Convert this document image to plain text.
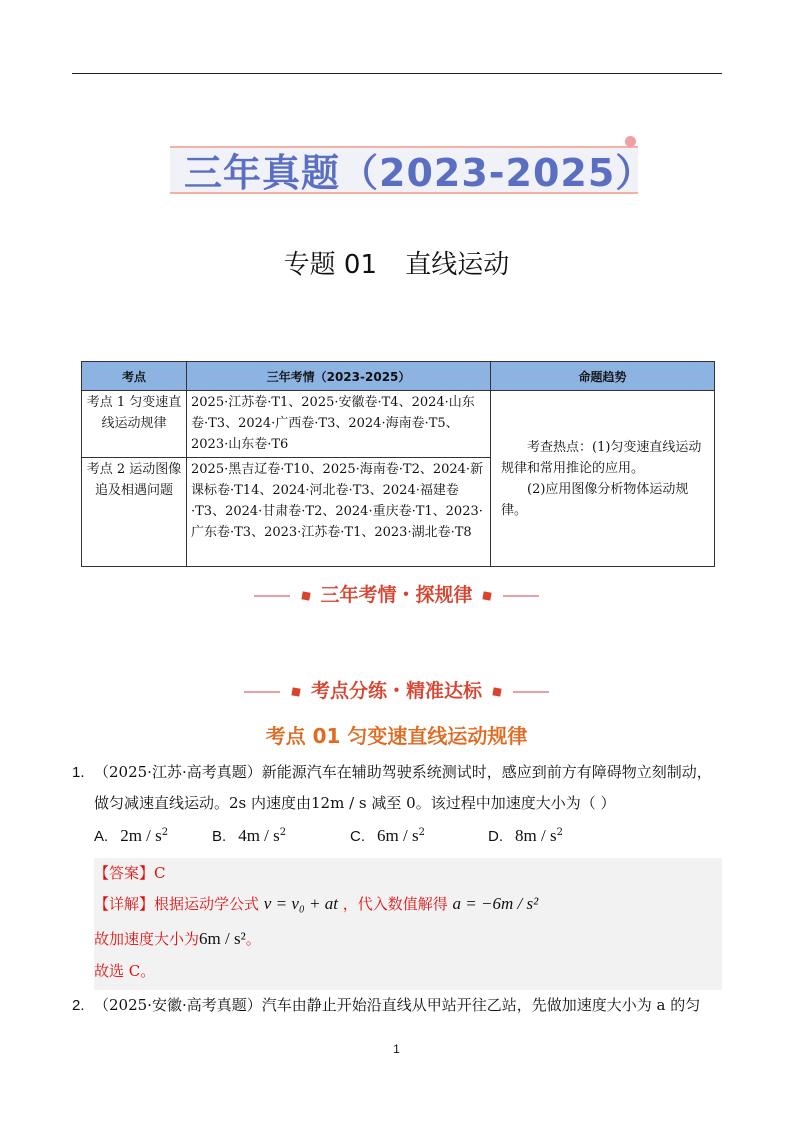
三年真题（2023-2025）
专题 01 直线运动
考点	三年考情（2023-2025）	命题趋势
考点 1 匀变速直线运动规律	2025·江苏卷·T1、2025·安徽卷·T4、2024·山东卷·T3、2024·广西卷·T3、2024·海南卷·T5、2023·山东卷·T6	考查热点：(1)匀变速直线运动规律和常用推论的应用。
(2)应用图像分析物体运动规律。

考点 2 运动图像 追及相遇问题	2025·黑吉辽卷·T10、2025·海南卷·T2、2024·新课标卷·T14、2024·河北卷·T3、2024·福建卷·T3、2024·甘肃卷·T2、2024·重庆卷·T1、2023·广东卷·T3、2023·江苏卷·T1、2023·湖北卷·T8	
三年考情・探规律
考点分练・精准达标
考点 01 匀变速直线运动规律
1. （2025·江苏·高考真题）新能源汽车在辅助驾驶系统测试时，感应到前方有障碍物立刻制动，
做匀减速直线运动。2s 内速度由12m / s 减至 0。该过程中加速度大小为（ ）
A. $2m / s^2$	B. $4m / s^2$	C. $6m / s^2$	D. $8m / s^2$
【答案】C
【详解】根据运动学公式 v = v₀ + at ，代入数值解得 a = −6m / s²
故加速度大小为6m / s²。
故选 C。
2. （2025·安徽·高考真题）汽车由静止开始沿直线从甲站开往乙站，先做加速度大小为 a 的匀
1
